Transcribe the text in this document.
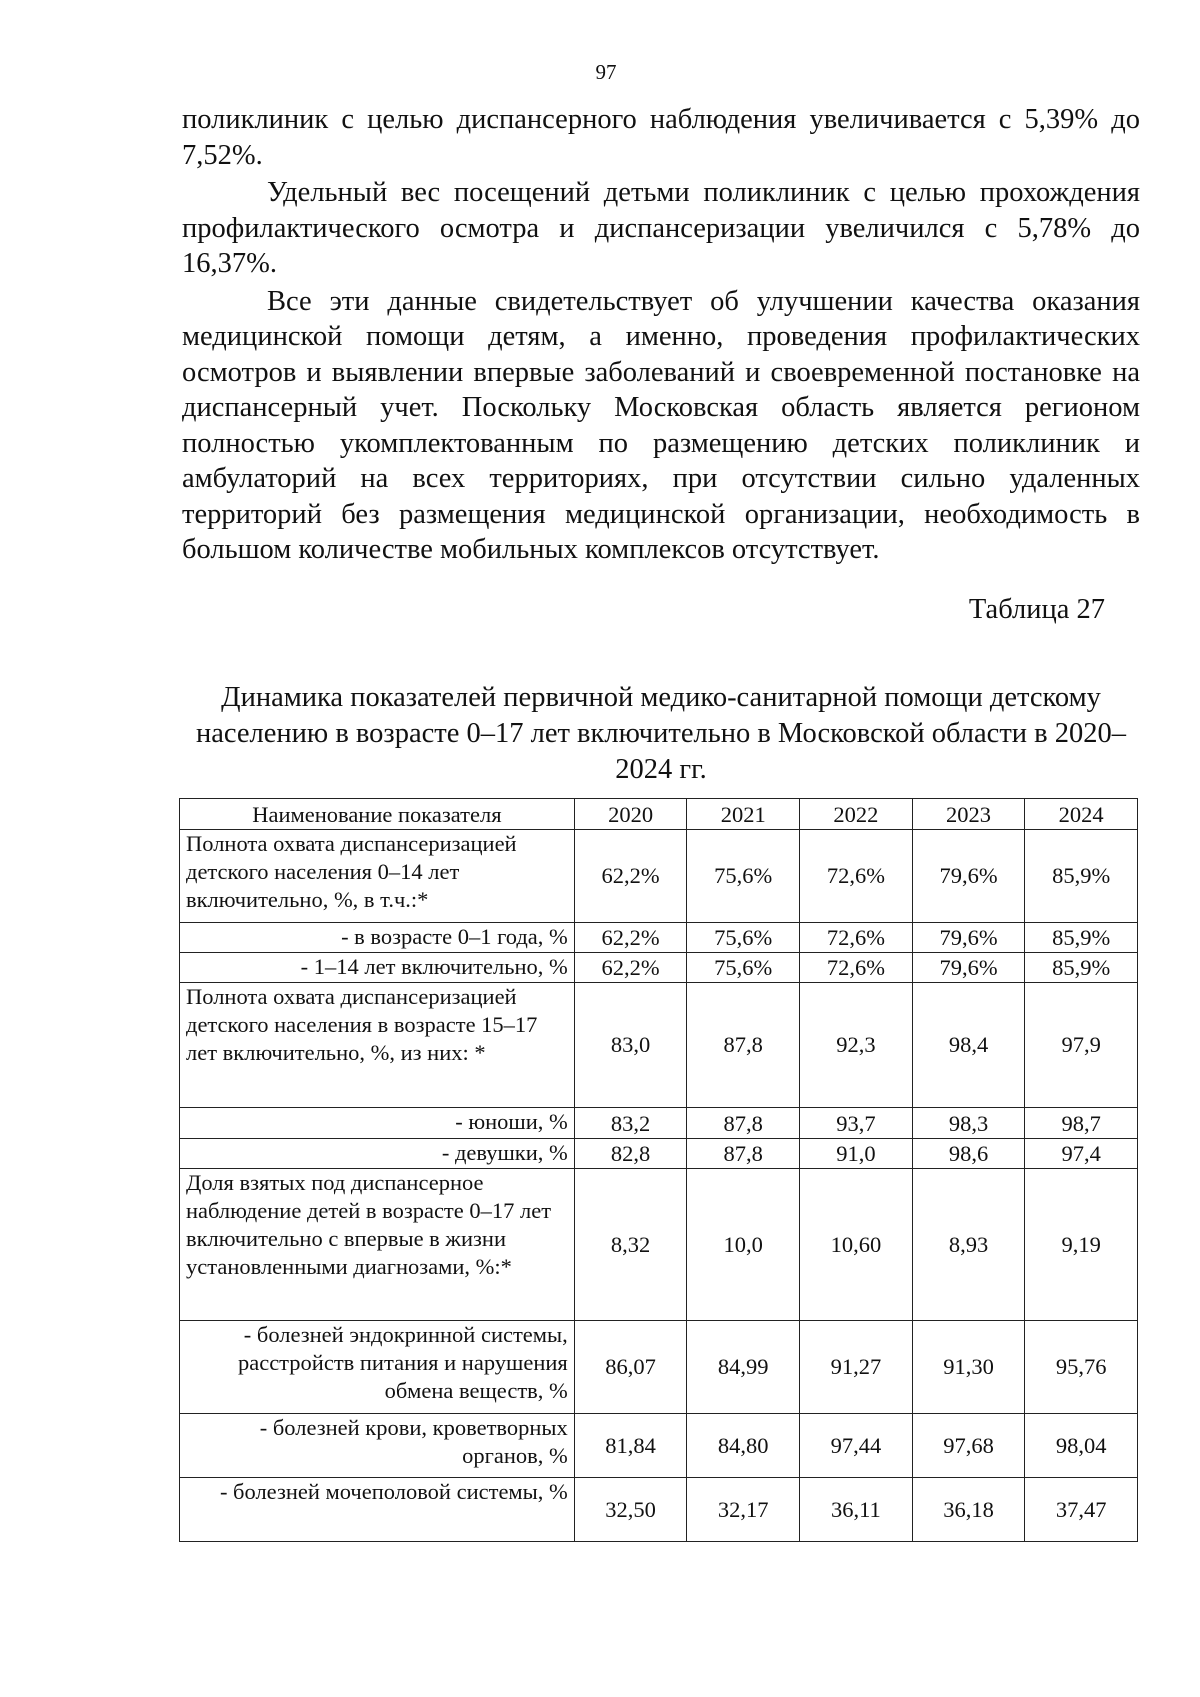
97

поликлиник с целью диспансерного наблюдения увеличивается с 5,39% до 7,52%.

Удельный вес посещений детьми поликлиник с целью прохождения профилактического осмотра и диспансеризации увеличился с 5,78% до 16,37%.

Все эти данные свидетельствует об улучшении качества оказания медицинской помощи детям, а именно, проведения профилактических осмотров и выявлении впервые заболеваний и своевременной постановке на диспансерный учет. Поскольку Московская область является регионом полностью укомплектованным по размещению детских поликлиник и амбулаторий на всех территориях, при отсутствии сильно удаленных территорий без размещения медицинской организации, необходимость в большом количестве мобильных комплексов отсутствует.

Таблица 27
Динамика показателей первичной медико-санитарной помощи детскому населению в возрасте 0–17 лет включительно в Московской области в 2020–2024 гг.
Наименование показателя	2020	2021	2022	2023	2024
Полнота охвата диспансеризацией детского населения 0–14 лет включительно, %, в т.ч.:*	62,2%	75,6%	72,6%	79,6%	85,9%
- в возрасте 0–1 года, %	62,2%	75,6%	72,6%	79,6%	85,9%
- 1–14 лет включительно, %	62,2%	75,6%	72,6%	79,6%	85,9%
Полнота охвата диспансеризацией детского населения в возрасте 15–17 лет включительно, %, из них: *	83,0	87,8	92,3	98,4	97,9
- юноши, %	83,2	87,8	93,7	98,3	98,7
- девушки, %	82,8	87,8	91,0	98,6	97,4
Доля взятых под диспансерное наблюдение детей в возрасте 0–17 лет включительно с впервые в жизни установленными диагнозами, %:*	8,32	10,0	10,60	8,93	9,19
- болезней эндокринной системы, расстройств питания и нарушения обмена веществ, %	86,07	84,99	91,27	91,30	95,76
- болезней крови, кроветворных органов, %	81,84	84,80	97,44	97,68	98,04
- болезней мочеполовой системы, %	32,50	32,17	36,11	36,18	37,47
